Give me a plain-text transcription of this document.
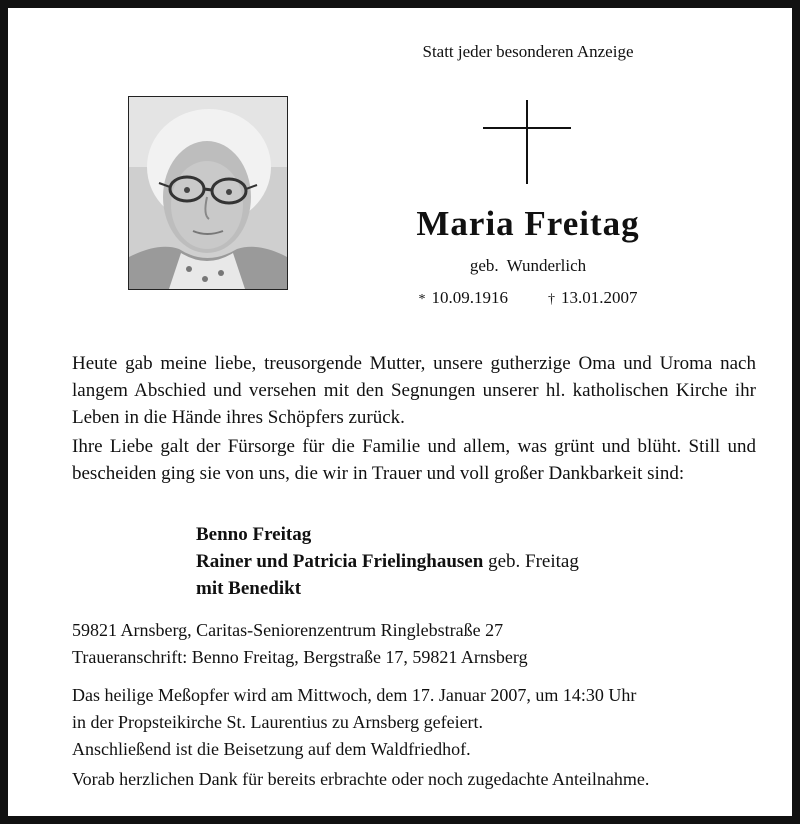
Statt jeder besonderen Anzeige
Maria Freitag
geb. Wunderlich
* 10.09.1916	† 13.01.2007

Heute gab meine liebe, treusorgende Mutter, unsere gutherzige Oma und Uroma nach langem Abschied und versehen mit den Segnungen unserer hl. katholischen Kirche ihr Leben in die Hände ihres Schöpfers zurück.

Ihre Liebe galt der Fürsorge für die Familie und allem, was grünt und blüht. Still und bescheiden ging sie von uns, die wir in Trauer und voll großer Dankbarkeit sind:

Benno Freitag
Rainer und Patricia Frielinghausen geb. Freitag
mit Benedikt
59821 Arnsberg, Caritas-Seniorenzentrum Ringlebstraße 27
Traueranschrift: Benno Freitag, Bergstraße 17, 59821 Arnsberg
Das heilige Meßopfer wird am Mittwoch, dem 17. Januar 2007, um 14:30 Uhr
in der Propsteikirche St. Laurentius zu Arnsberg gefeiert.
Anschließend ist die Beisetzung auf dem Waldfriedhof.
Vorab herzlichen Dank für bereits erbrachte oder noch zugedachte Anteilnahme.
